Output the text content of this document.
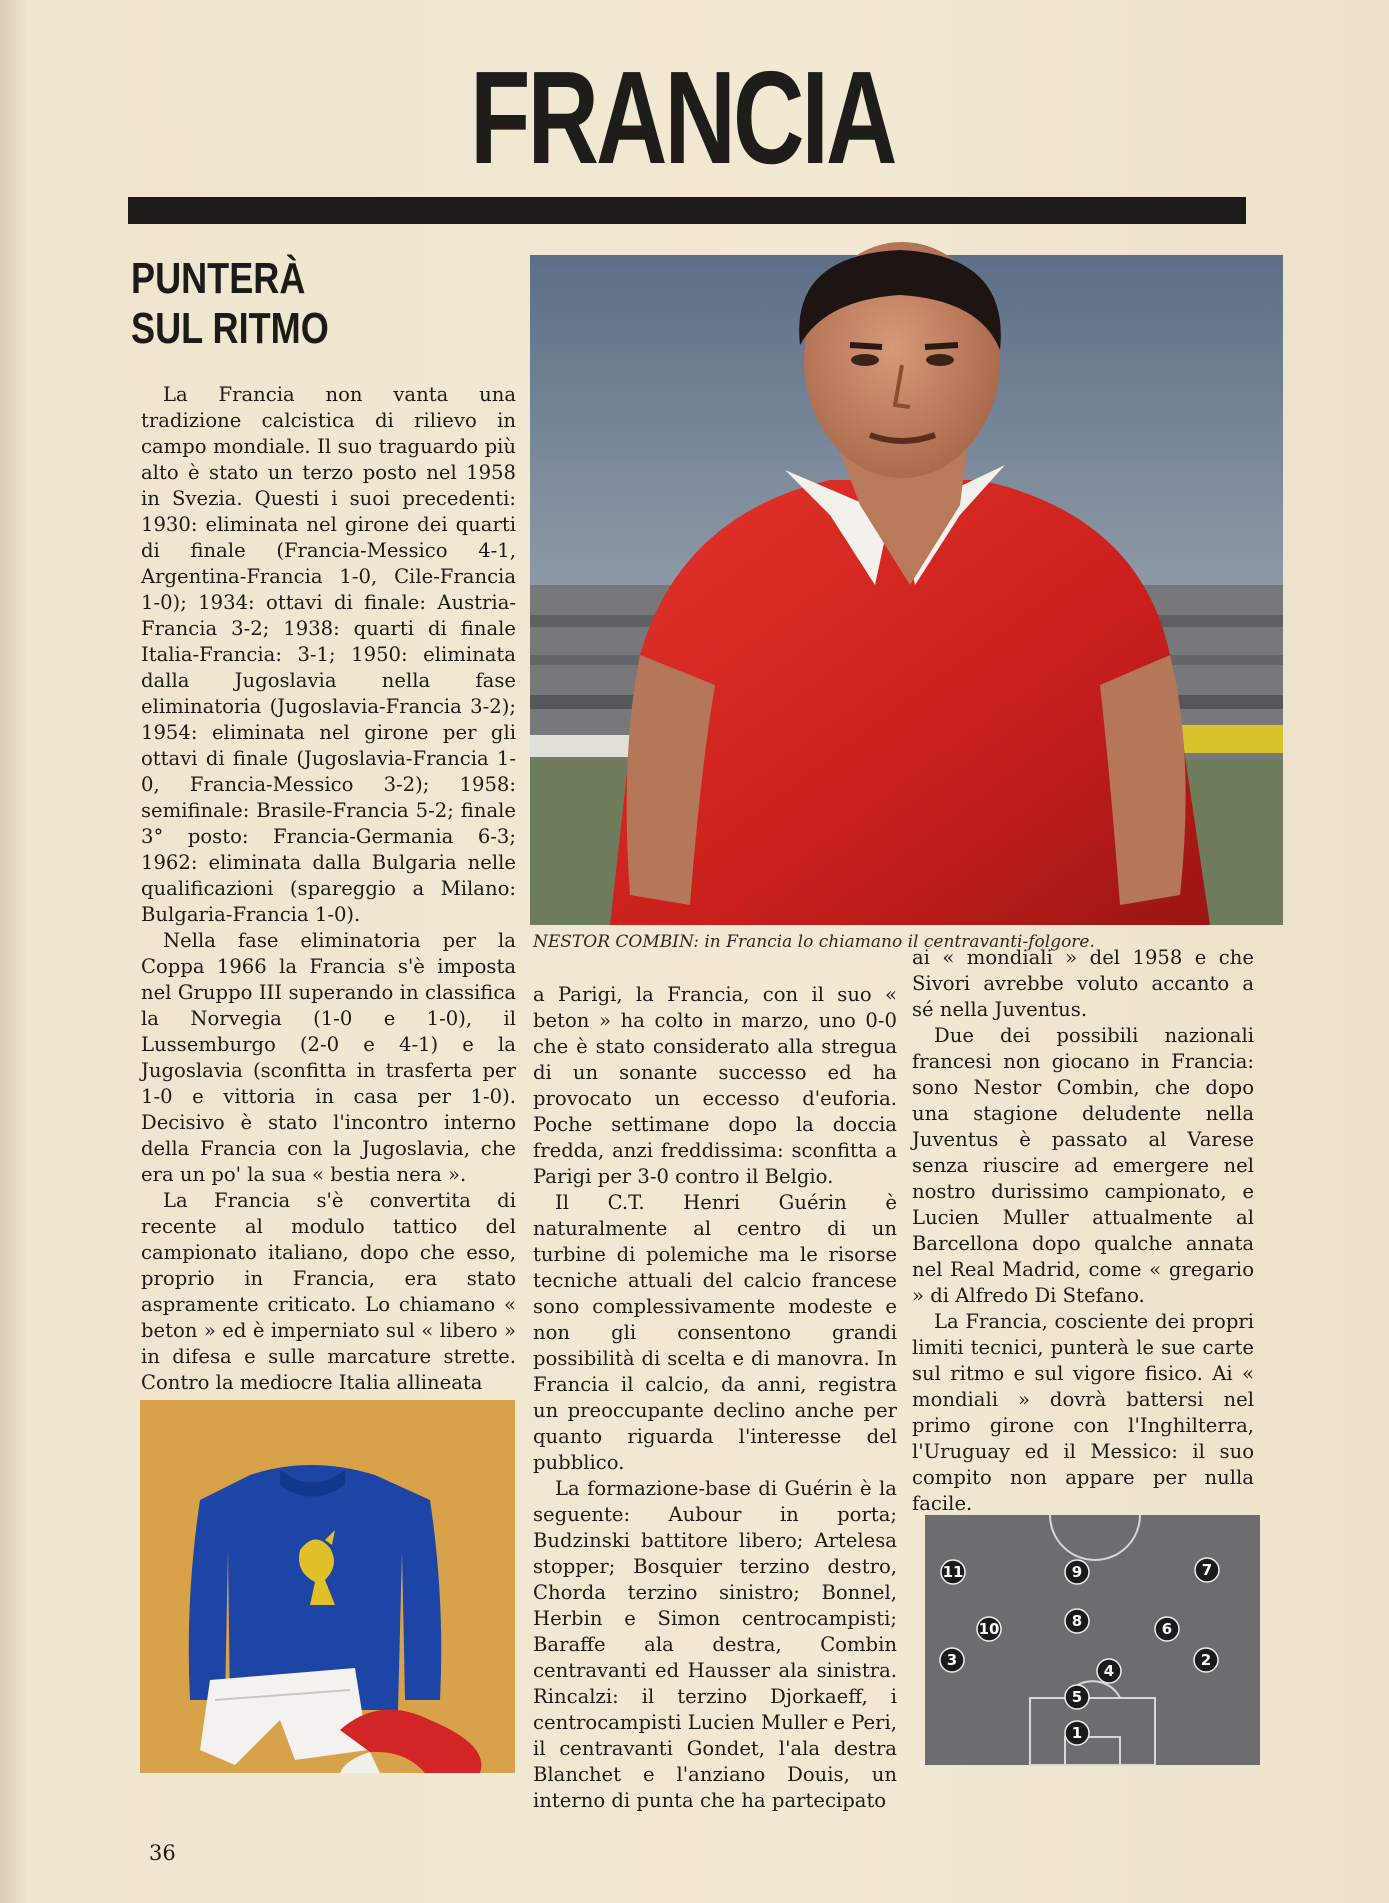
FRANCIA
PUNTERÀ
SUL RITMO

La Francia non vanta una tradizione calcistica di rilievo in campo mondiale. Il suo traguardo più alto è stato un terzo posto nel 1958 in Svezia. Questi i suoi precedenti: 1930: eliminata nel girone dei quarti di finale (Francia-Messico 4-1, Argentina-Francia 1-0, Cile-Francia 1-0); 1934: ottavi di finale: Austria-Francia 3-2; 1938: quarti di finale Italia-Francia: 3-1; 1950: eliminata dalla Jugoslavia nella fase eliminatoria (Jugoslavia-Francia 3-2); 1954: eliminata nel girone per gli ottavi di finale (Jugoslavia-Francia 1-0, Francia-Messico 3-2); 1958: semifinale: Brasile-Francia 5-2; finale 3° posto: Francia-Germania 6-3; 1962: eliminata dalla Bulgaria nelle qualificazioni (spareggio a Milano: Bulgaria-Francia 1-0).

Nella fase eliminatoria per la Coppa 1966 la Francia s'è imposta nel Gruppo III superando in classifica la Norvegia (1-0 e 1-0), il Lussemburgo (2-0 e 4-1) e la Jugoslavia (sconfitta in trasferta per 1-0 e vittoria in casa per 1-0). Decisivo è stato l'incontro interno della Francia con la Jugoslavia, che era un po' la sua « bestia nera ».

La Francia s'è convertita di recente al modulo tattico del campionato italiano, dopo che esso, proprio in Francia, era stato aspramente criticato. Lo chiamano « beton » ed è imperniato sul « libero » in difesa e sulle marcature strette. Contro la mediocre Italia allineata

NESTOR COMBIN: in Francia lo chiamano il centravanti-folgore.

a Parigi, la Francia, con il suo « beton » ha colto in marzo, uno 0-0 che è stato considerato alla stregua di un sonante successo ed ha provocato un eccesso d'euforia. Poche settimane dopo la doccia fredda, anzi freddissima: sconfitta a Parigi per 3-0 contro il Belgio.

Il C.T. Henri Guérin è naturalmente al centro di un turbine di polemiche ma le risorse tecniche attuali del calcio francese sono complessivamente modeste e non gli consentono grandi possibilità di scelta e di manovra. In Francia il calcio, da anni, registra un preoccupante declino anche per quanto riguarda l'interesse del pubblico.

La formazione-base di Guérin è la seguente: Aubour in porta; Budzinski battitore libero; Artelesa stopper; Bosquier terzino destro, Chorda terzino sinistro; Bonnel, Herbin e Simon centrocampisti; Baraffe ala destra, Combin centravanti ed Hausser ala sinistra. Rincalzi: il terzino Djorkaeff, i centrocampisti Lucien Muller e Peri, il centravanti Gondet, l'ala destra Blanchet e l'anziano Douis, un interno di punta che ha partecipato

ai « mondiali » del 1958 e che Sivori avrebbe voluto accanto a sé nella Juventus.

Due dei possibili nazionali francesi non giocano in Francia: sono Nestor Combin, che dopo una stagione deludente nella Juventus è passato al Varese senza riuscire ad emergere nel nostro durissimo campionato, e Lucien Muller attualmente al Barcellona dopo qualche annata nel Real Madrid, come « gregario » di Alfredo Di Stefano.

La Francia, cosciente dei propri limiti tecnici, punterà le sue carte sul ritmo e sul vigore fisico. Ai « mondiali » dovrà battersi nel primo girone con l'Inghilterra, l'Uruguay ed il Messico: il suo compito non appare per nulla facile.

1
2
3
4
5
6
7
8
9
10
11
36
